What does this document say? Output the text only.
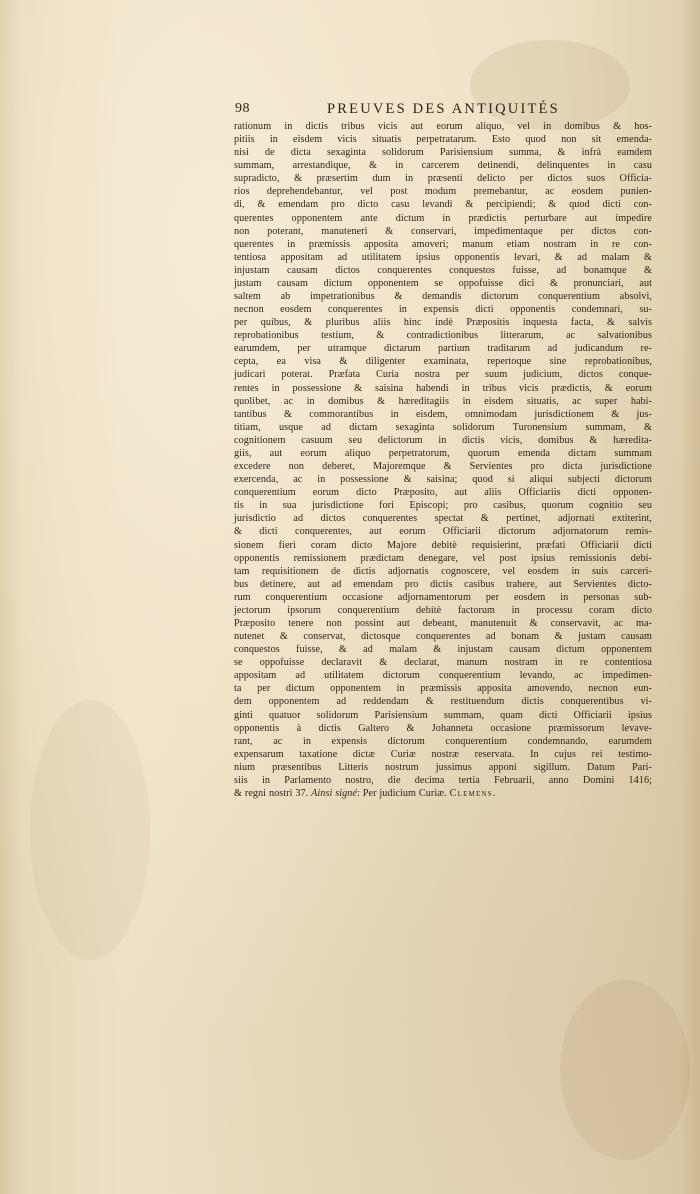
98	PREUVES DES ANTIQUITÉS
rationum in dictis tribus vicis aut eorum aliquo, vel in domibus & hos-
pitiis in eisdem vicis situatis perpetratarum. Esto quod non sit emenda-
nisi de dicta sexaginta solidorum Parisiensium summa, & infrà eamdem
summam, arrestandique, & in carcerem detinendi, delinquentes in casu
supradicto, & præsertim dum in præsenti delicto per dictos suos Officia-
rios deprehendebantur, vel post modum premebantur, ac eosdem punien-
di, & emendam pro dicto casu levandi & percipiendi; & quod dicti con-
querentes opponentem ante dictum in prædictis perturbare aut impedire
non poterant, manuteneri & conservari, impedimentaque per dictos con-
querentes in præmissis apposita amoveri; manum etiam nostram in re con-
tentiosa appositam ad utilitatem ipsius opponentis levari, & ad malam &
injustam causam dictos conquerentes conquestos fuisse, ad bonamque &
justam causam dictum opponentem se oppofuisse dici & pronunciari, aut
saltem ab impetrationibus & demandis dictorum conquerentium absolvi,
necnon eosdem conquerentes in expensis dicti opponentis condemnari, su-
per quibus, & pluribus aliis hinc indè Præpositis inquesta facta, & salvis
reprobationibus testium, & contradictionibus litterarum, ac salvationibus
earumdem, per utramque dictarum partium traditarum ad judicandum re-
cepta, ea visa & diligenter examinata, repertoque sine reprobationibus,
judicari poterat. Præfata Curia nostra per suum judicium, dictos conque-
rentes in possessione & saisina habendi in tribus vicis prædictis, & eorum
quolibet, ac in domibus & hæreditagiis in eisdem situatis, ac super habi-
tantibus & commorantibus in eisdem, omnimodam jurisdictionem & jus-
titiam, usque ad dictam sexaginta solidorum Turonensium summam, &
cognitionem casuum seu delictorum in dictis vicis, domibus & hæredita-
giis, aut eorum aliquo perpetratorum, quorum emenda dictam summam
excedere non deberet, Majoremque & Servientes pro dicta jurisdictione
exercenda, ac in possessione & saisina; quod si aliqui subjecti dictorum
conquerentium eorum dicto Præposito, aut aliis Officiariis dicti opponen-
tis in sua jurisdictione fori Episcopi; pro casibus, quorum cognitio seu
jurisdictio ad dictos conquerentes spectat & pertinet, adjornati extiterint,
& dicti conquerentes, aut eorum Officiarii dictorum adjornatorum remis-
sionem fieri coram dicto Majore debitè requisierint, præfati Officiarii dicti
opponentis remissionem prædictam denegare, vel post ipsius remissionis debi-
tam requisitionem de dictis adjornatis cognoscere, vel eosdem in suis carceri-
bus detinere, aut ad emendam pro dictis casibus trahere, aut Servientes dicto-
rum conquerentium occasione adjornamentorum per eosdem in personas sub-
jectorum ipsorum conquerentium debitè factorum in processu coram dicto
Præposito tenere non possint aut debeant, manutenuit & conservavit, ac ma-
nutenet & conservat, dictosque conquerentes ad bonam & justam causam
conquestos fuisse, & ad malam & injustam causam dictum opponentem
se oppofuisse declaravit & declarat, manum nostram in re contentiosa
appositam ad utilitatem dictorum conquerentium levando, ac impedimen-
ta per dictum opponentem in præmissis apposita amovendo, necnon eun-
dem opponentem ad reddendam & restituendum dictis conquerentibus vi-
ginti quatuor solidorum Parisiensium summam, quam dicti Officiarii ipsius
opponentis à dictis Galtero & Johanneta occasione præmissorum levave-
rant, ac in expensis dictorum conquerentium condemnando, earumdem
expensarum taxatione dictæ Curiæ nostræ reservata. In cujus rei testimo-
nium præsentibus Litteris nostrum jussimus apponi sigillum. Datum Pari-
siis in Parlamento nostro, die decima tertia Februarii, anno Domini 1416;
& regni nostri 37. Ainsi signé: Per judicium Curiæ. Clemens.
